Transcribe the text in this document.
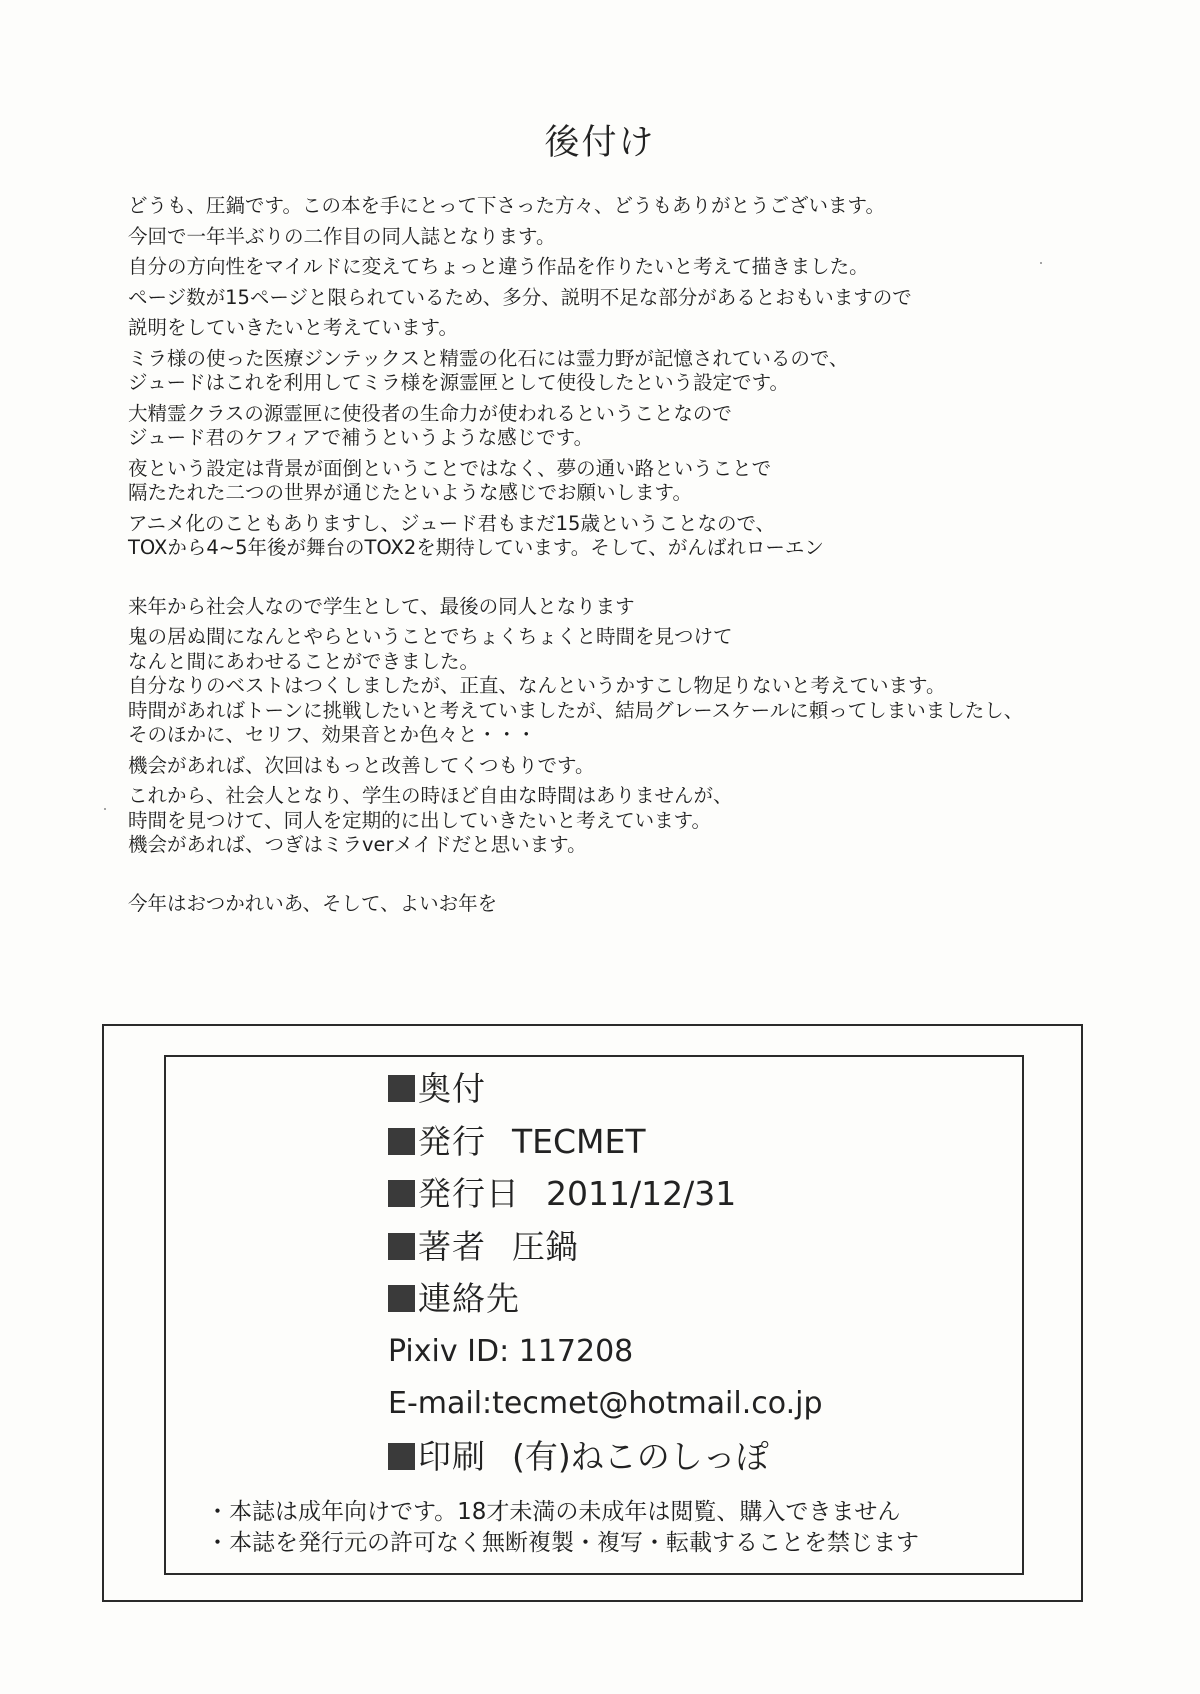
後付け
どうも、圧鍋です。この本を手にとって下さった方々、どうもありがとうございます。
今回で一年半ぶりの二作目の同人誌となります。
自分の方向性をマイルドに変えてちょっと違う作品を作りたいと考えて描きました。
ページ数が15ページと限られているため、多分、説明不足な部分があるとおもいますので
説明をしていきたいと考えています。
ミラ様の使った医療ジンテックスと精霊の化石には霊力野が記憶されているので、
ジュードはこれを利用してミラ様を源霊匣として使役したという設定です。
大精霊クラスの源霊匣に使役者の生命力が使われるということなので
ジュード君のケフィアで補うというような感じです。
夜という設定は背景が面倒ということではなく、夢の通い路ということで
隔たたれた二つの世界が通じたといような感じでお願いします。
アニメ化のこともありますし、ジュード君もまだ15歳ということなので、
TOXから4~5年後が舞台のTOX2を期待しています。そして、がんばれローエン
来年から社会人なので学生として、最後の同人となります
鬼の居ぬ間になんとやらということでちょくちょくと時間を見つけて
なんと間にあわせることができました。
自分なりのベストはつくしましたが、正直、なんというかすこし物足りないと考えています。
時間があればトーンに挑戦したいと考えていましたが、結局グレースケールに頼ってしまいましたし、
そのほかに、セリフ、効果音とか色々と・・・
機会があれば、次回はもっと改善してくつもりです。
これから、社会人となり、学生の時ほど自由な時間はありませんが、
時間を見つけて、同人を定期的に出していきたいと考えています。
機会があれば、つぎはミラverメイドだと思います。
今年はおつかれいあ、そして、よいお年を
奥付
発行 TECMET
発行日 2011/12/31
著者 圧鍋
連絡先
Pixiv ID: 117208
E-mail:tecmet@hotmail.co.jp
印刷 (有)ねこのしっぽ
・本誌は成年向けです。18才未満の未成年は閲覧、購入できません
・本誌を発行元の許可なく無断複製・複写・転載することを禁じます
